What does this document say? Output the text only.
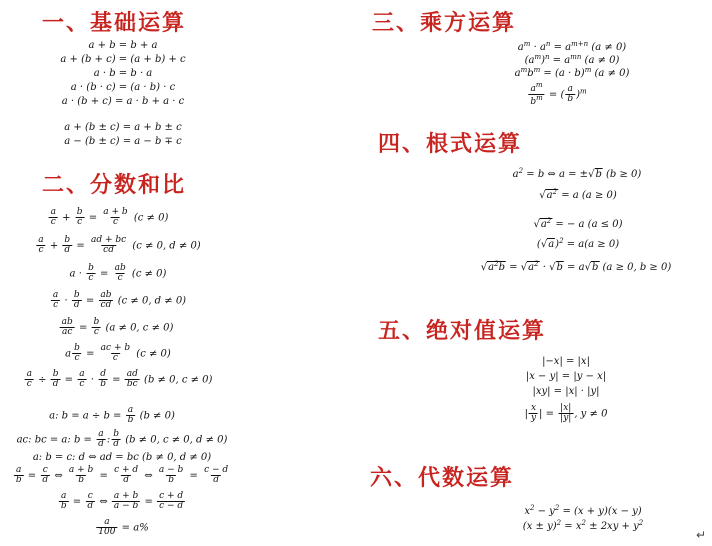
一、基础运算
二、分数和比
三、乘方运算
四、根式运算
五、绝对值运算
六、代数运算
a + b = b + a
a + (b + c) = (a + b) + c
a · b = b · a
a · (b · c) = (a · b) · c
a · (b + c) = a · b + a · c
a + (b ± c) = a + b ± c
a − (b ± c) = a − b ∓ c
$\frac{a}{c} + \frac{b}{c} = \frac{a + b}{c} (c \ne 0)$
$\frac{a}{c} + \frac{b}{d} = \frac{ad + bc}{cd} (c \ne 0$, d ≠ 0)
$a \cdot \frac{b}{c} = \frac{ab}{c} (c \ne 0)$
$\frac{a}{c} \cdot \frac{b}{d} = \frac{ab}{cd} (c \ne 0$, d ≠ 0)
$\frac{ab}{ac} = \frac{b}{c} (a \ne 0$, c ≠ 0)
a $\frac{b}{c} = \frac{ac + b}{c} (c \ne 0)$
$\frac{a}{c} \div \frac{b}{d} = \frac{a}{c} \cdot \frac{d}{b} = \frac{ad}{bc} (b \ne 0$, c ≠ 0)
a: $b = a \div b = \frac{a}{b} (b \ne 0)$
ac: bc = a: $b = \frac{a}{d}$ : $\frac{b}{d} (b \ne 0$, c ≠ 0, d ≠ 0)
a: b = c: d ⇔ ad = bc (b ≠ 0, d ≠ 0)
$\frac{a}{b} = \frac{c}{d}$ ⇔ $\frac{a + b}{b} = \frac{c + d}{d}$ ⇔ $\frac{a - b}{b} = \frac{c - d}{d}$
$\frac{a}{b} = \frac{c}{d}$ ⇔ $\frac{a + b}{a - b} = \frac{c + d}{c - d}$
$\frac{a}{100} = a\%$
$a^m \cdot a^n = a^{m+n}$ (a ≠ 0)
$(a^m)^n = a^{mn}$ (a ≠ 0)
$a^mb^m = (a \cdot b)^m$ (a ≠ 0)
$\frac{a^m}{b^m}$ = ( $\frac{a}{b} )^m$
$a^2 = b$ ⇔ a = ±√b (b ≥ 0)
$√a^2 = a$ (a ≥ 0)
$√a^2$ = − a (a ≤ 0)
$(√a)^2 = a(a \ge 0)$
$√a^2b = √a^2 \cdot √b = a√b$ (a ≥ 0, b ≥ 0)
|−x| = |x|
|x − y| = |y − x|
|xy| = |x| · |y|
| $\frac{x}{y}$ | = $\frac{|x|}{|y|}$ , y ≠ 0
$x^2 - y^2 = (x + y)(x - y)$
$(x \pm y)^2 = x^2 \pm 2xy + y^2$
↵
